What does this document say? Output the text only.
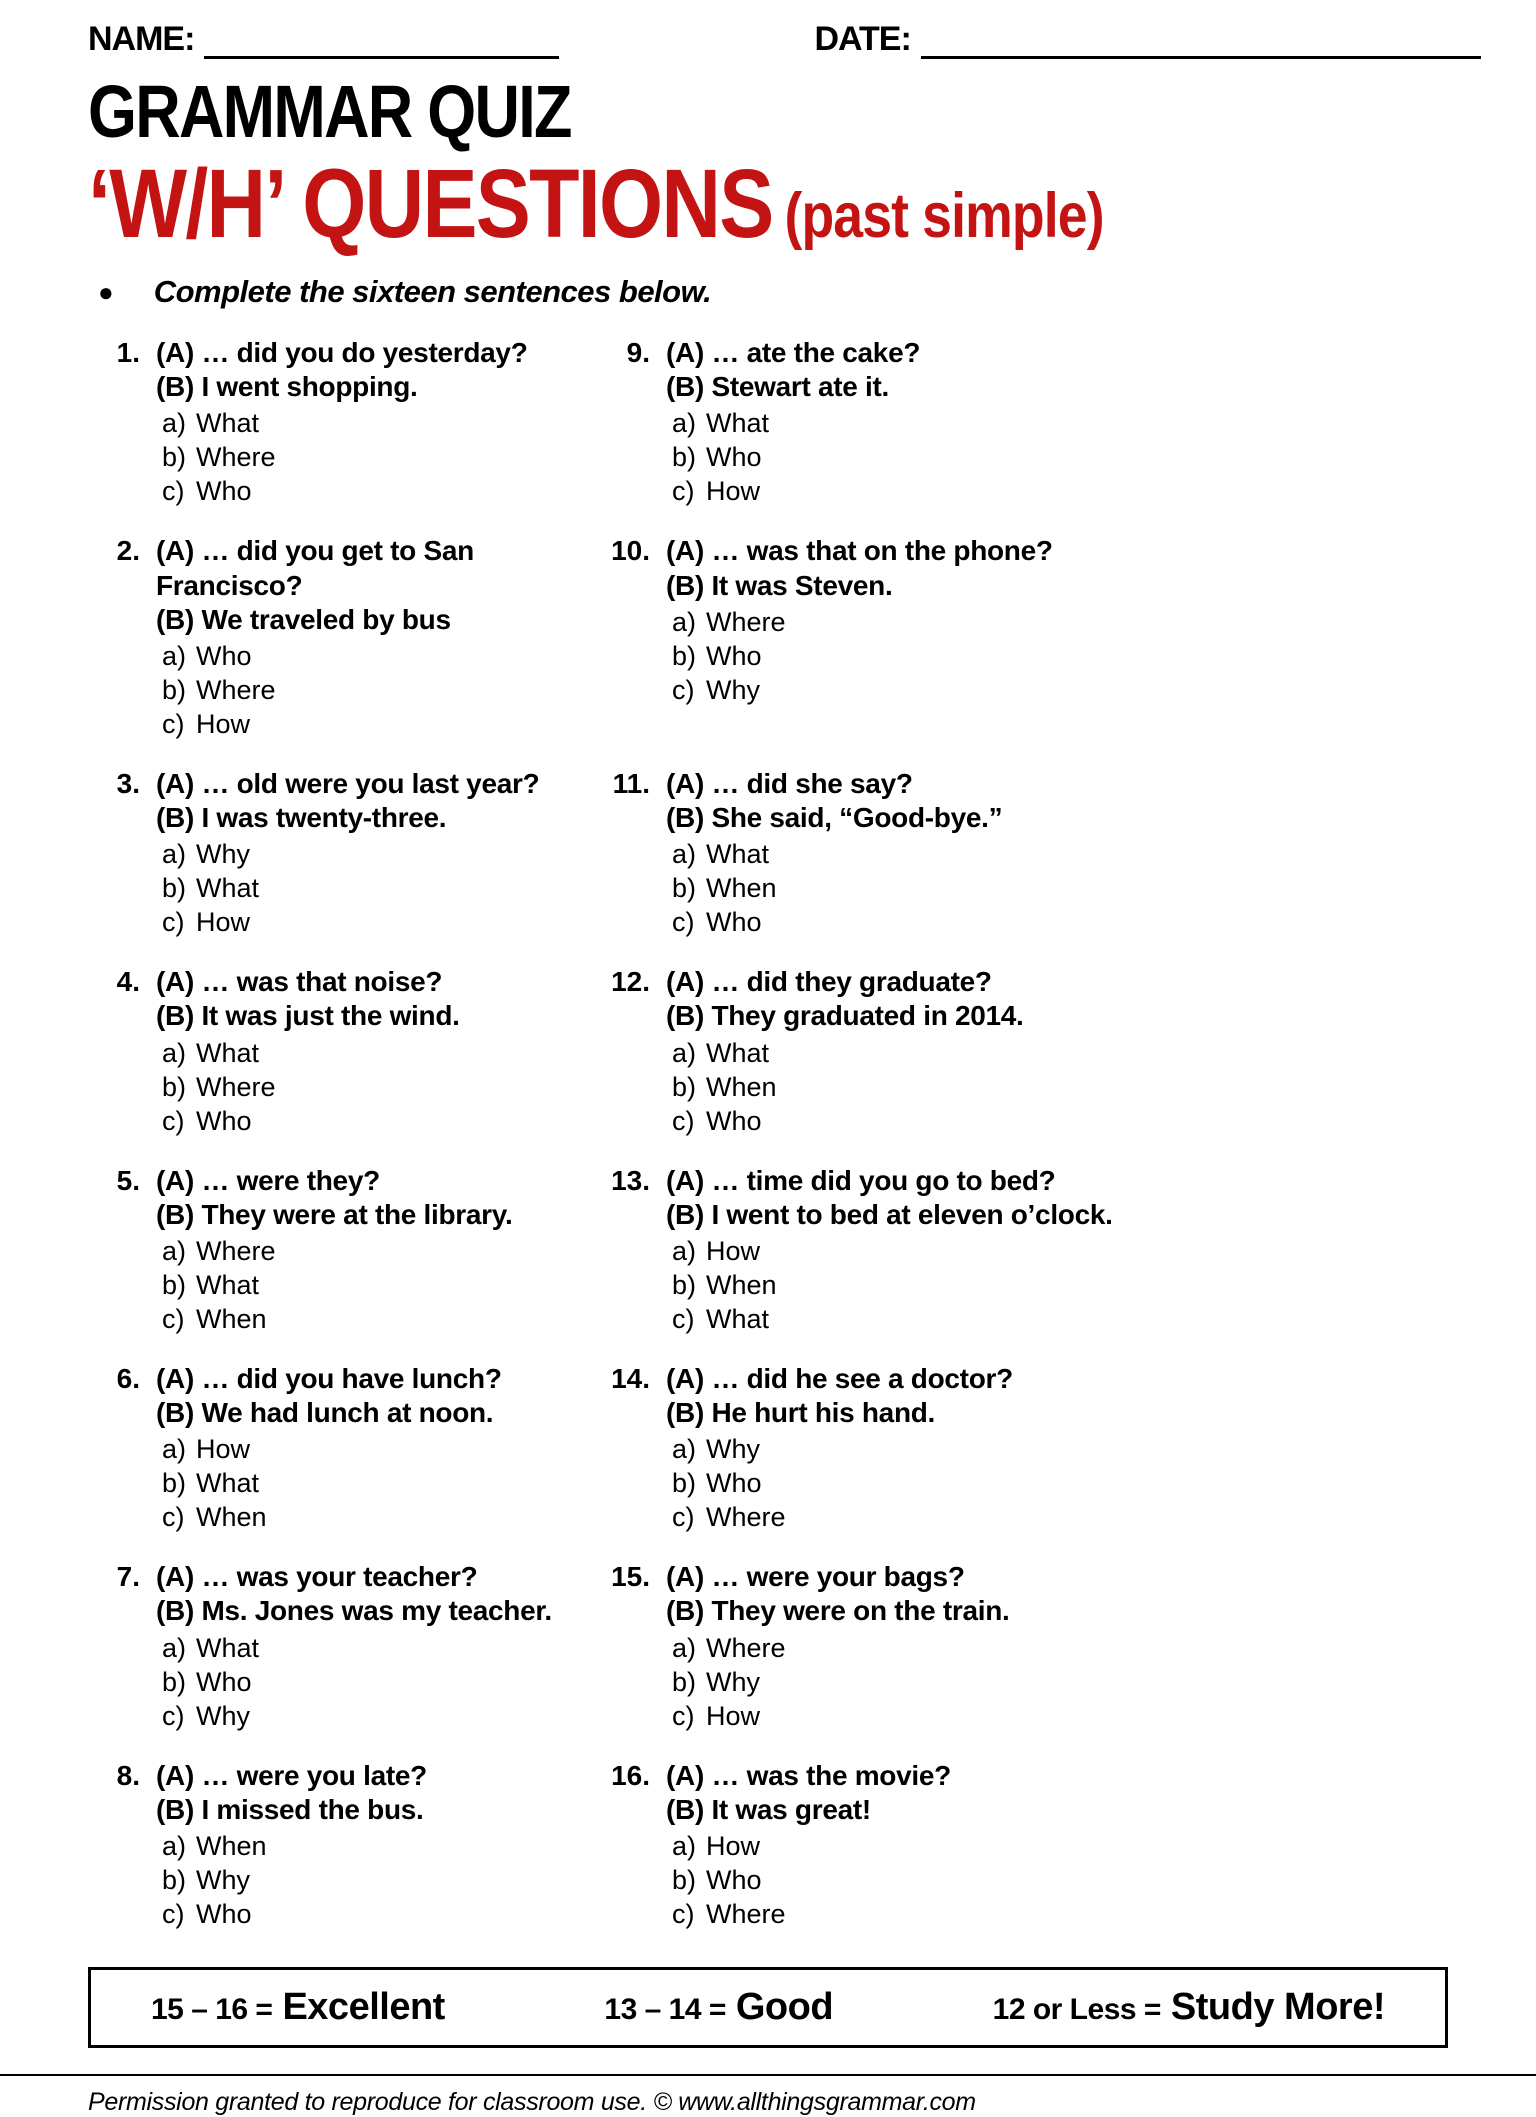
NAME:	DATE:
GRAMMAR QUIZ
‘W/H’ QUESTIONS (past simple)
● Complete the sixteen sentences below.
1. (A) … did you do yesterday?
(B) I went shopping.
a) What
b) Where
c) Who
2. (A) … did you get to San Francisco?
(B) We traveled by bus
a) Who
b) Where
c) How
3. (A) … old were you last year?
(B) I was twenty-three.
a) Why
b) What
c) How
4. (A) … was that noise?
(B) It was just the wind.
a) What
b) Where
c) Who
5. (A) … were they?
(B) They were at the library.
a) Where
b) What
c) When
6. (A) … did you have lunch?
(B) We had lunch at noon.
a) How
b) What
c) When
7. (A) … was your teacher?
(B) Ms. Jones was my teacher.
a) What
b) Who
c) Why
8. (A) … were you late?
(B) I missed the bus.
a) When
b) Why
c) Who
9. (A) … ate the cake?
(B) Stewart ate it.
a) What
b) Who
c) How
10. (A) … was that on the phone?
(B) It was Steven.
a) Where
b) Who
c) Why
11. (A) … did she say?
(B) She said, “Good-bye.”
a) What
b) When
c) Who
12. (A) … did they graduate?
(B) They graduated in 2014.
a) What
b) When
c) Who
13. (A) … time did you go to bed?
(B) I went to bed at eleven o’clock.
a) How
b) When
c) What
14. (A) … did he see a doctor?
(B) He hurt his hand.
a) Why
b) Who
c) Where
15. (A) … were your bags?
(B) They were on the train.
a) Where
b) Why
c) How
16. (A) … was the movie?
(B) It was great!
a) How
b) Who
c) Where
15 – 16 = Excellent	13 – 14 = Good	12 or Less = Study More!
Permission granted to reproduce for classroom use. © www.allthingsgrammar.com
